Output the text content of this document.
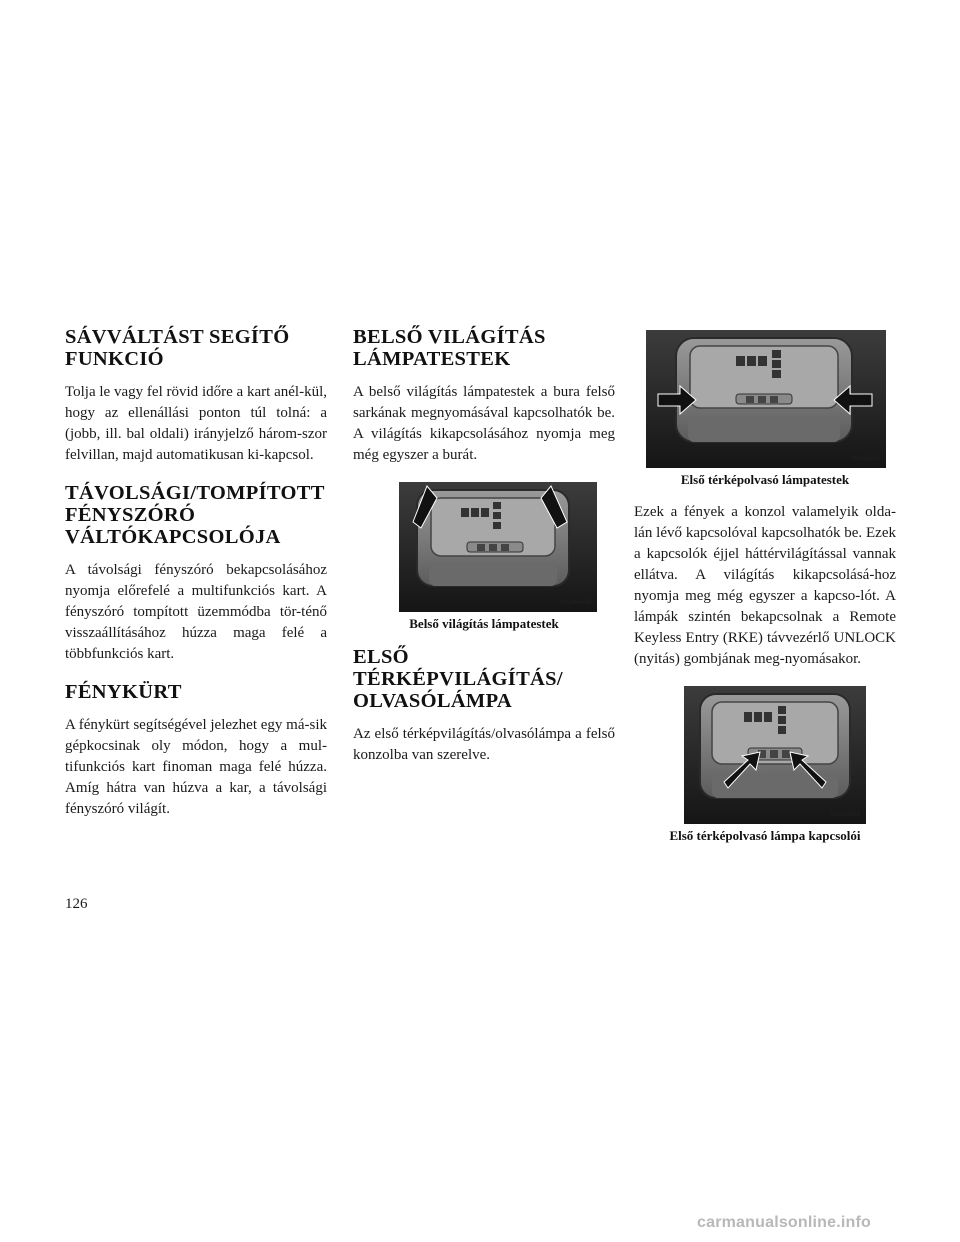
SÁVVÁLTÁST SEGÍTŐ
FUNKCIÓ

Tolja le vagy fel rövid időre a kart anél-kül, hogy az ellenállási ponton túl tolná: a (jobb, ill. bal oldali) irányjelző három-szor felvillan, majd automatikusan ki-kapcsol.

TÁVOLSÁGI/TOMPÍTOTT
FÉNYSZÓRÓ
VÁLTÓKAPCSOLÓJA

A távolsági fényszóró bekapcsolásához nyomja előrefelé a multifunkciós kart. A fényszóró tompított üzemmódba tör-ténő visszaállításához húzza maga felé a többfunkciós kart.

FÉNYKÜRT

A fénykürt segítségével jelezhet egy má-sik gépkocsinak oly módon, hogy a mul-tifunkciós kart finoman maga felé húzza. Amíg hátra van húzva a kar, a távolsági fényszóró világít.

BELSŐ VILÁGÍTÁS
LÁMPATESTEK

A belső világítás lámpatestek a bura felső sarkának megnyomásával kapcsolhatók be. A világítás kikapcsolásához nyomja meg még egyszer a burát.

031464435
Belső világítás lámpatestek
ELSŐ
TÉRKÉPVILÁGÍTÁS/
OLVASÓLÁMPA

Az első térképvilágítás/olvasólámpa a felső konzolba van szerelve.

031433150
Első térképolvasó lámpatestek

Ezek a fények a konzol valamelyik olda-lán lévő kapcsolóval kapcsolhatók be. Ezek a kapcsolók éjjel háttérvilágítással vannak ellátva. A világítás kikapcsolásá-hoz nyomja meg még egyszer a kapcso-lót. A lámpák szintén bekapcsolnak a Remote Keyless Entry (RKE) távvezérlő UNLOCK (nyitás) gombjának meg-nyomásakor.

031433151
Első térképolvasó lámpa kapcsolói
126
carmanualsonline.info
